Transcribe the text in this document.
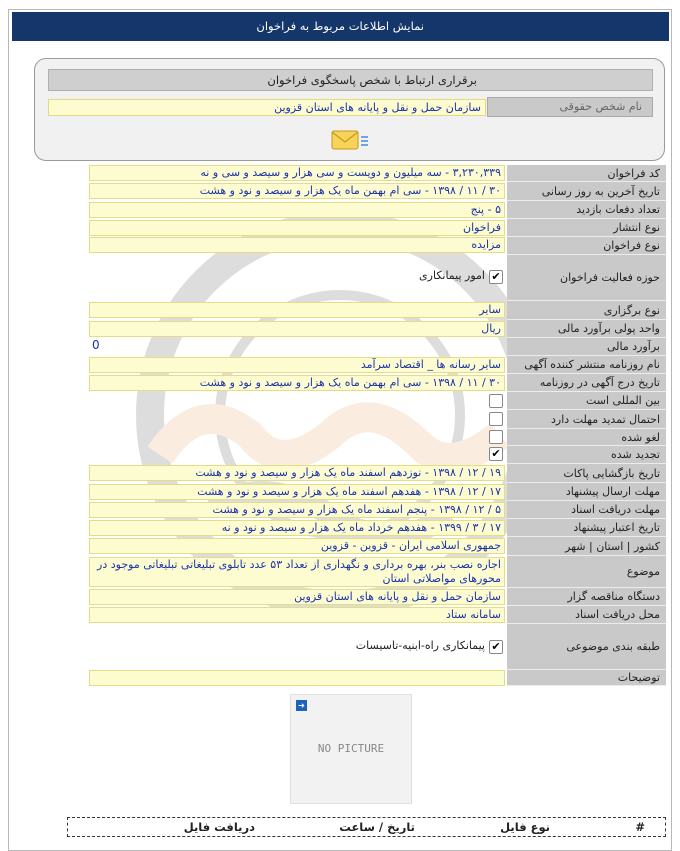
نمایش اطلاعات مربوط به فراخوان
برقراری ارتباط با شخص پاسخگوی فراخوان
نام شخص حقوقی
سازمان حمل و نقل و پایانه های استان قزوین
کد فراخوان
۳,۲۳۰,۳۳۹ - سه میلیون و دویست و سی هزار و سیصد و سی و نه
تاریخ آخرین به روز رسانی
۳۰ / ۱۱ / ۱۳۹۸ - سی ام بهمن ماه یک هزار و سیصد و نود و هشت
تعداد دفعات بازدید
۵ - پنج
نوع انتشار
فراخوان
نوع فراخوان
مزایده
حوزه فعالیت فراخوان
✔
امور پیمانکاری
نوع برگزاری
سایر
واحد پولی برآورد مالی
ریال
برآورد مالی
0
نام روزنامه منتشر کننده آگهی
سایر رسانه ها _ اقتصاد سرآمد
تاریخ درج آگهی در روزنامه
۳۰ / ۱۱ / ۱۳۹۸ - سی ام بهمن ماه یک هزار و سیصد و نود و هشت
بین المللی است
احتمال تمدید مهلت دارد
لغو شده
تجدید شده
✔
تاریخ بازگشایی پاکات
۱۹ / ۱۲ / ۱۳۹۸ - نوزدهم اسفند ماه یک هزار و سیصد و نود و هشت
مهلت ارسال پیشنهاد
۱۷ / ۱۲ / ۱۳۹۸ - هفدهم اسفند ماه یک هزار و سیصد و نود و هشت
مهلت دریافت اسناد
۵ / ۱۲ / ۱۳۹۸ - پنجم اسفند ماه یک هزار و سیصد و نود و هشت
تاریخ اعتبار پیشنهاد
۱۷ / ۳ / ۱۳۹۹ - هفدهم خرداد ماه یک هزار و سیصد و نود و نه
کشور | استان | شهر
جمهوری اسلامی ایران - قزوین - قزوین
موضوع
اجاره نصب بنر، بهره برداری و نگهداری از تعداد ۵۳ عدد تابلوی تبلیغاتی تبلیغاتی موجود در محورهای مواصلاتی استان
دستگاه مناقصه گزار
سازمان حمل و نقل و پایانه های استان قزوین
محل دریافت اسناد
سامانه ستاد
طبقه بندی موضوعی
✔
پیمانکاری راه-ابنیه-تاسیسات
توضیحات
➜
NO PICTURE
#
نوع فایل
تاریخ / ساعت
دریافت فایل
